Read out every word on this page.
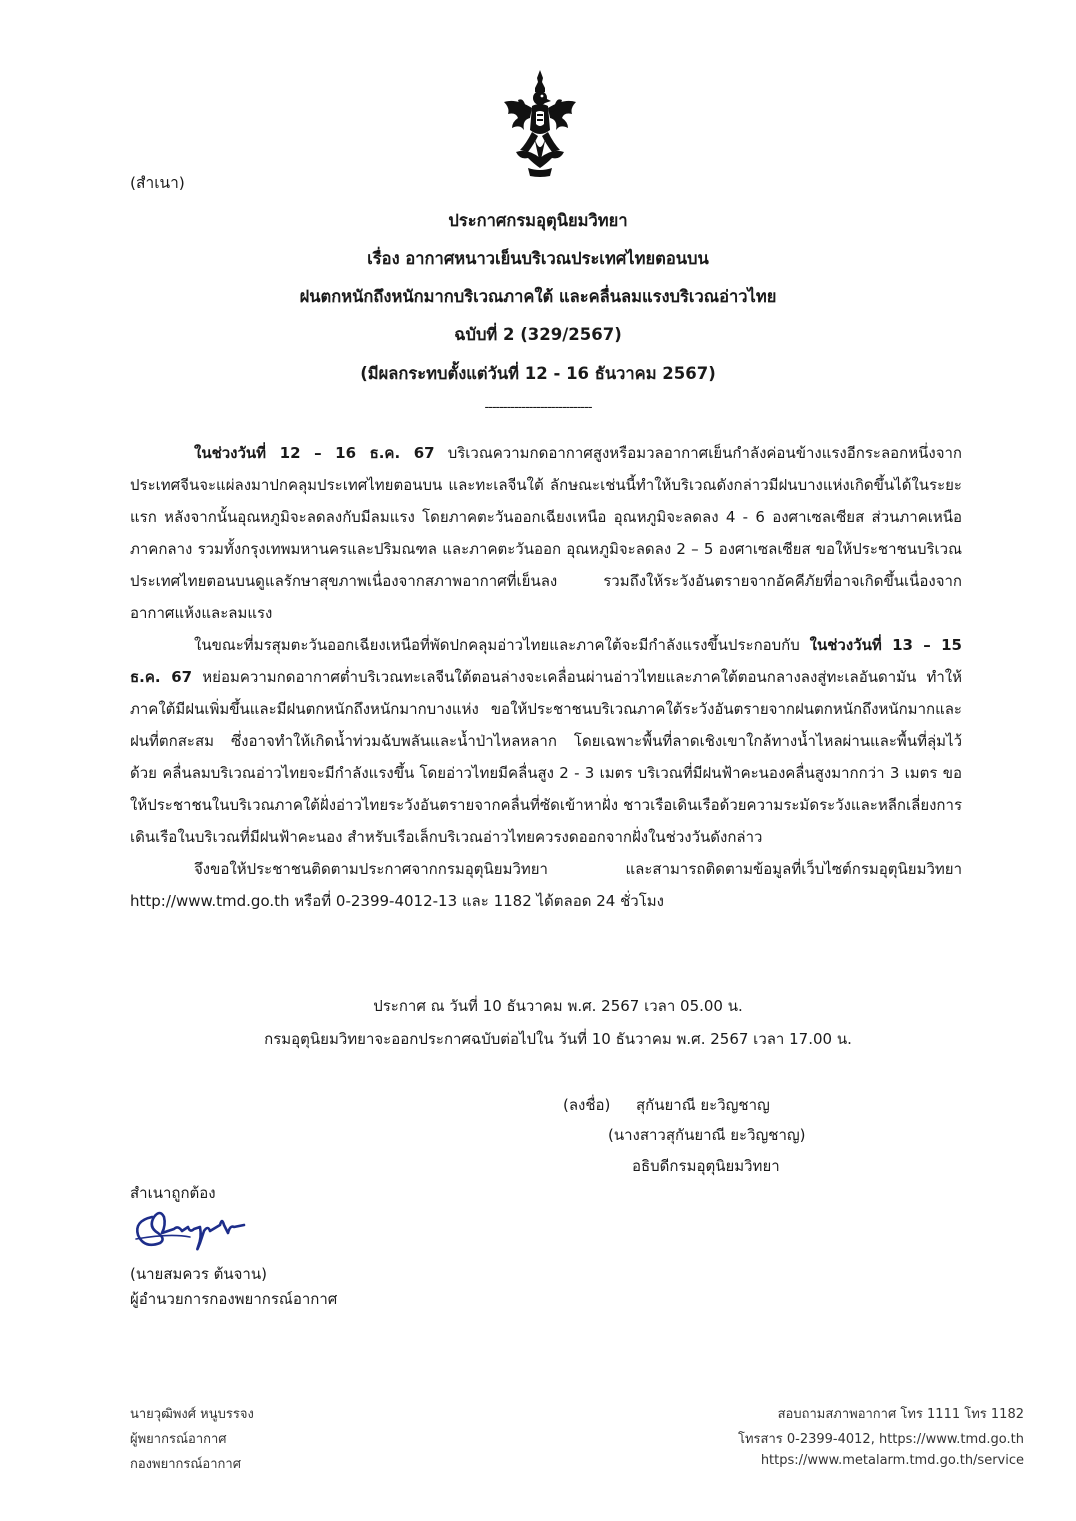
(สำเนา)
ประกาศกรมอุตุนิยมวิทยา
เรื่อง อากาศหนาวเย็นบริเวณประเทศไทยตอนบน
ฝนตกหนักถึงหนักมากบริเวณภาคใต้ และคลื่นลมแรงบริเวณอ่าวไทย
ฉบับที่ 2 (329/2567)
(มีผลกระทบตั้งแต่วันที่ 12 - 16 ธันวาคม 2567)
-----------------------------

ในช่วงวันที่ 12 – 16 ธ.ค. 67 บริเวณความกดอากาศสูงหรือมวลอากาศเย็นกำลังค่อนข้างแรงอีกระลอกหนึ่งจากประเทศจีนจะแผ่ลงมาปกคลุมประเทศไทยตอนบน และทะเลจีนใต้ ลักษณะเช่นนี้ทำให้บริเวณดังกล่าวมีฝนบางแห่งเกิดขึ้นได้ในระยะแรก หลังจากนั้นอุณหภูมิจะลดลงกับมีลมแรง โดยภาคตะวันออกเฉียงเหนือ อุณหภูมิจะลดลง 4 - 6 องศาเซลเซียส ส่วนภาคเหนือ ภาคกลาง รวมทั้งกรุงเทพมหานครและปริมณฑล และภาคตะวันออก อุณหภูมิจะลดลง 2 – 5 องศาเซลเซียส ขอให้ประชาชนบริเวณประเทศไทยตอนบนดูแลรักษาสุขภาพเนื่องจากสภาพอากาศที่เย็นลง รวมถึงให้ระวังอันตรายจากอัคคีภัยที่อาจเกิดขึ้นเนื่องจากอากาศแห้งและลมแรง

ในขณะที่มรสุมตะวันออกเฉียงเหนือที่พัดปกคลุมอ่าวไทยและภาคใต้จะมีกำลังแรงขึ้นประกอบกับ ในช่วงวันที่ 13 – 15 ธ.ค. 67 หย่อมความกดอากาศต่ำบริเวณทะเลจีนใต้ตอนล่างจะเคลื่อนผ่านอ่าวไทยและภาคใต้ตอนกลางลงสู่ทะเลอันดามัน ทำให้ภาคใต้มีฝนเพิ่มขึ้นและมีฝนตกหนักถึงหนักมากบางแห่ง ขอให้ประชาชนบริเวณภาคใต้ระวังอันตรายจากฝนตกหนักถึงหนักมากและฝนที่ตกสะสม ซึ่งอาจทำให้เกิดน้ำท่วมฉับพลันและน้ำป่าไหลหลาก โดยเฉพาะพื้นที่ลาดเชิงเขาใกล้ทางน้ำไหลผ่านและพื้นที่ลุ่มไว้ด้วย คลื่นลมบริเวณอ่าวไทยจะมีกำลังแรงขึ้น โดยอ่าวไทยมีคลื่นสูง 2 - 3 เมตร บริเวณที่มีฝนฟ้าคะนองคลื่นสูงมากกว่า 3 เมตร ขอให้ประชาชนในบริเวณภาคใต้ฝั่งอ่าวไทยระวังอันตรายจากคลื่นที่ซัดเข้าหาฝั่ง ชาวเรือเดินเรือด้วยความระมัดระวังและหลีกเลี่ยงการเดินเรือในบริเวณที่มีฝนฟ้าคะนอง สำหรับเรือเล็กบริเวณอ่าวไทยควรงดออกจากฝั่งในช่วงวันดังกล่าว

จึงขอให้ประชาชนติดตามประกาศจากกรมอุตุนิยมวิทยา และสามารถติดตามข้อมูลที่เว็บไซต์กรมอุตุนิยมวิทยา http://www.tmd.go.th หรือที่ 0-2399-4012-13 และ 1182 ได้ตลอด 24 ชั่วโมง

ประกาศ ณ วันที่ 10 ธันวาคม พ.ศ. 2567 เวลา 05.00 น.
กรมอุตุนิยมวิทยาจะออกประกาศฉบับต่อไปใน วันที่ 10 ธันวาคม พ.ศ. 2567 เวลา 17.00 น.
(ลงชื่อ) สุกันยาณี ยะวิญชาญ
(นางสาวสุกันยาณี ยะวิญชาญ)
อธิบดีกรมอุตุนิยมวิทยา
สำเนาถูกต้อง
(นายสมควร ต้นจาน)
ผู้อำนวยการกองพยากรณ์อากาศ
นายวุฒิพงศ์ หนูบรรจง
ผู้พยากรณ์อากาศ
กองพยากรณ์อากาศ
สอบถามสภาพอากาศ โทร 1111 โทร 1182
โทรสาร 0-2399-4012, https://www.tmd.go.th
https://www.metalarm.tmd.go.th/service
